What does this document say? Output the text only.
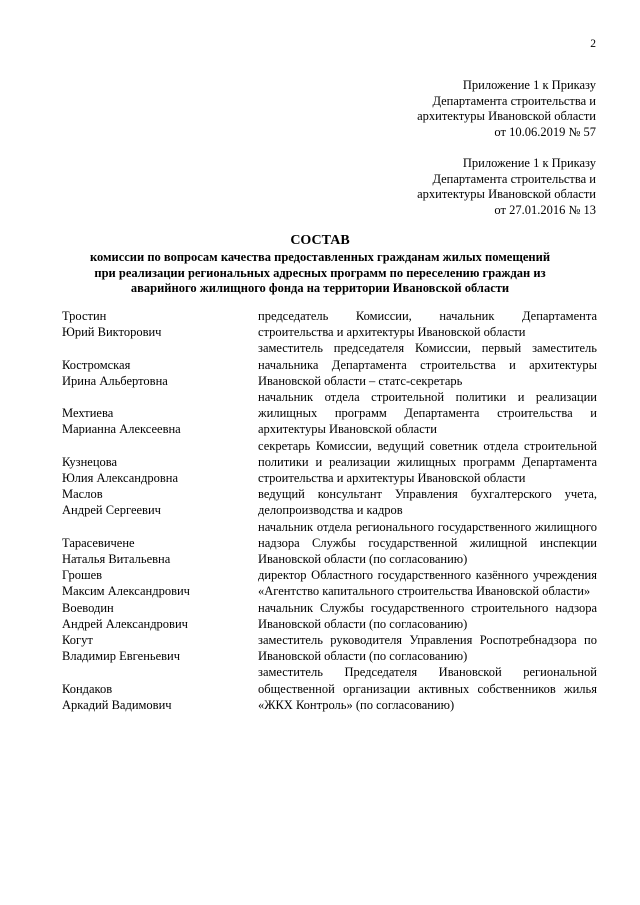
2
Приложение 1 к Приказу
Департамента строительства и
архитектуры Ивановской области
от 10.06.2019 № 57
Приложение 1 к Приказу
Департамента строительства и
архитектуры Ивановской области
от 27.01.2016 № 13
СОСТАВ
комиссии по вопросам качества предоставленных гражданам жилых помещений
при реализации региональных адресных программ по переселению граждан из
аварийного жилищного фонда на территории Ивановской области
Тростин
Юрий Викторович
председатель Комиссии, начальник Департамента строительства и архитектуры Ивановской области
Костромская
Ирина Альбертовна
заместитель председателя Комиссии, первый заместитель начальника Департамента строительства и архитектуры Ивановской области – статс-секретарь
Мехтиева
Марианна Алексеевна
начальник отдела строительной политики и реализации жилищных программ Департамента строительства и архитектуры Ивановской области
Кузнецова
Юлия Александровна
секретарь Комиссии, ведущий советник отдела строительной политики и реализации жилищных программ Департамента строительства и архитектуры Ивановской области
Маслов
Андрей Сергеевич
ведущий консультант Управления бухгалтерского учета, делопроизводства и кадров
Тарасевичене
Наталья Витальевна
начальник отдела регионального государственного жилищного надзора Службы государственной жилищной инспекции Ивановской области (по согласованию)
Грошев
Максим Александрович
директор Областного государственного казённого учреждения «Агентство капитального строительства Ивановской области»
Воеводин
Андрей Александрович
начальник Службы государственного строительного надзора Ивановской области (по согласованию)
Когут
Владимир Евгеньевич
заместитель руководителя Управления Роспотребнадзора по Ивановской области (по согласованию)
Кондаков
Аркадий Вадимович
заместитель Председателя Ивановской региональной общественной организации активных собственников жилья «ЖКХ Контроль» (по согласованию)
